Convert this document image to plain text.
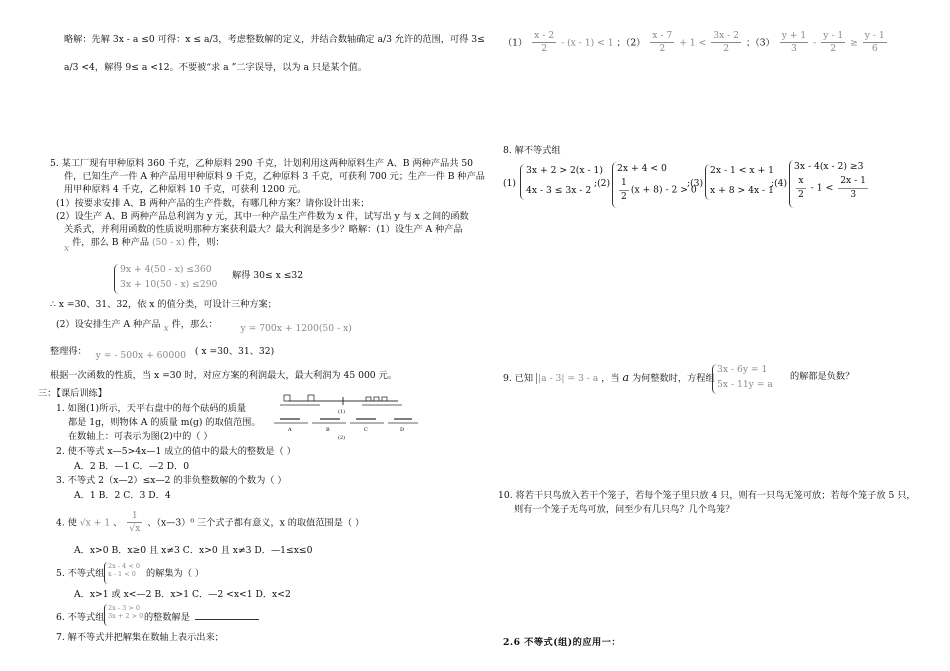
略解：先解 3x - a ≤0 可得：x ≤ a/3，考虑整数解的定义，并结合数轴确定 a/3 允许的范围，可得 3≤
a/3 <4，解得 9≤ a <12。不要被“求 a ”二字误导，以为 a 只是某个值。
5. 某工厂现有甲种原料 360 千克，乙种原料 290 千克，计划利用这两种原料生产 A、B 两种产品共 50
件，已知生产一件 A 种产品用甲种原料 9 千克，乙种原料 3 千克，可获利 700 元；生产一件 B 种产品
用甲种原料 4 千克，乙种原料 10 千克，可获利 1200 元。
(1）按要求安排 A、B 两种产品的生产件数，有哪几种方案？请你设计出来；
(2）设生产 A、B 两种产品总利润为 y 元，其中一种产品生产件数为 x 件，试写出 y 与 x 之间的函数
关系式，并利用函数的性质说明那种方案获利最大？最大利润是多少？略解：(1）设生产 A 种产品
x 件，那么 B 种产品 (50 - x) 件，则：
9x + 4(50 - x) ≤360
3x + 10(50 - x) ≤290
解得 30≤ x ≤32
∴ x =30、31、32，依 x 的值分类，可设计三种方案；
(2）设安排生产 A 种产品 x 件，那么： y = 700x + 1200(50 - x)
整理得： y = - 500x + 60000 ( x =30、31、32)
根据一次函数的性质，当 x =30 时，对应方案的利润最大，最大利润为 45 000 元。
三：【课后训练】
1. 如图(1)所示，天平右盘中的每个砝码的质量
都是 1g，则物体 A 的质量 m(g) 的取值范围。
在数轴上：可表示为图(2)中的（ ）
(1)
A	B	C	D
(2)
2. 使不等式 x—5>4x—1 成立的值中的最大的整数是（ ）
A．2 B．—1 C．—2 D．0
3. 不等式 2（x—2）≤x—2 的非负整数解的个数为（ ）
A．1 B．2 C．3 D．4
4. 使 √x + 1 、 $\frac{1}{√x}$ 、（x—3）⁰ 三个式子都有意义，x 的取值范围是（ ）
A．x>0 B．x≥0 且 x≠3 C．x>0 且 x≠3 D．—1≤x≤0
5. 不等式组
2x - 4 < 0
x - 1 < 0	的解集为（ ）
A．x>1 或 x<—2 B．x>1 C．—2 <x<1 D．x<2
6. 不等式组
2x - 3 > 0
3x + 2 > 0 的整数解是
7. 解不等式并把解集在数轴上表示出来；
$(1) \frac{x - 2}{2} - (x - 1) < 1$ ；$(2) \frac{x - 7}{2} + 1 < \frac{3x - 2}{2}$ ；$(3) \frac{y + 1}{3} - \frac{y - 1}{2} \ge \frac{y - 1}{6}$
8. 解不等式组
(1)
3x + 2 > 2(x - 1)
4x - 3 ≤ 3x - 2
;(2)
2x + 4 < 0
$\frac{1}{2} (x + 8) - 2 > 0$
;(3)
2x - 1 < x + 1
x + 8 > 4x - 1
;(4)
3x - 4(x - 2) ≥3
$\frac{x}{2} - 1 < \frac{2x - 1}{3}$
9. 已知 |a - 3| = 3 - a ，当 a 为何整数时，方程组
3x - 6y = 1
5x - 11y = a
的解都是负数？
10. 将若干只鸟放入若干个笼子，若每个笼子里只放 4 只，则有一只鸟无笼可放；若每个笼子放 5 只，
则有一个笼子无鸟可放，问至少有几只鸟？几个鸟笼？
2.6 不等式(组)的应用一：
